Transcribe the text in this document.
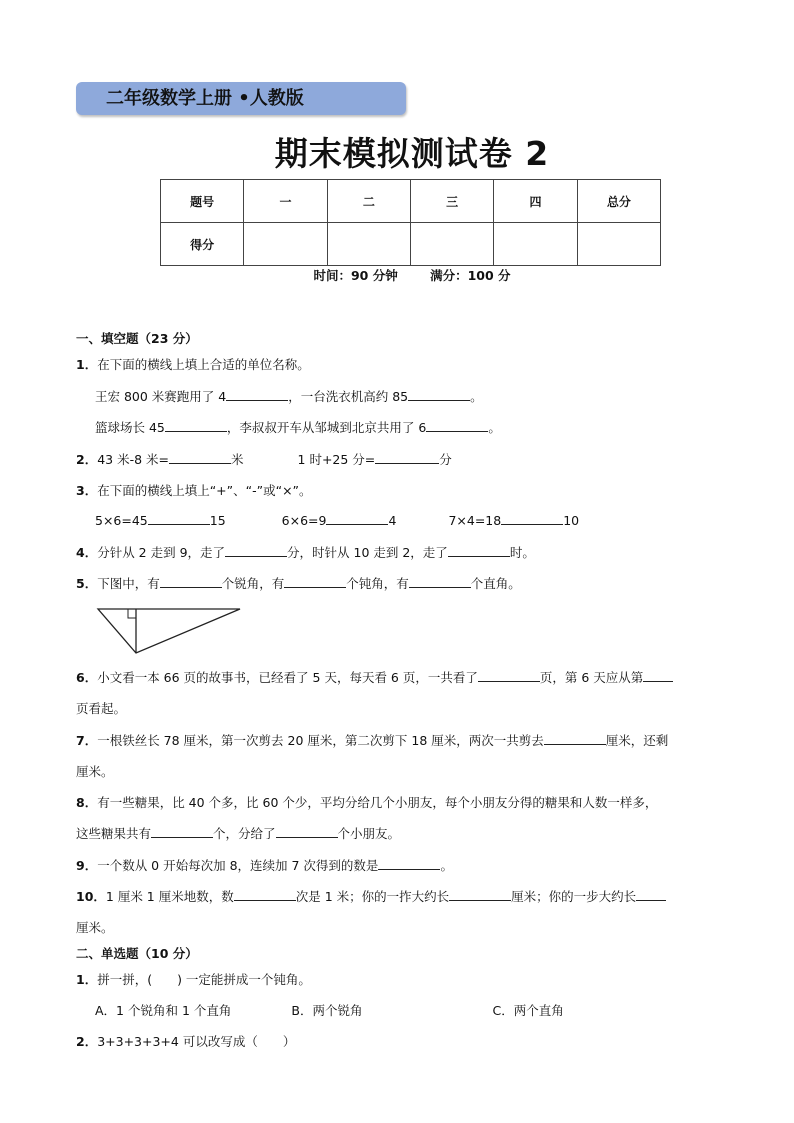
二年级数学上册 •人教版
期末模拟测试卷 2
题号	一	二	三	四	总分
得分					
时间：90 分钟	满分：100 分
一、填空题（23 分）
1．在下面的横线上填上合适的单位名称。
王宏 800 米赛跑用了 4	，一台洗衣机高约 85	。
篮球场长 45	，李叔叔开车从邹城到北京共用了 6	。
2．43 米-8 米=	米	1 时+25 分=	分
3．在下面的横线上填上“+”、“-”或“×”。
5×6=45	15	6×6=9	4	7×4=18	10
4．分针从 2 走到 9，走了	分，时针从 10 走到 2，走了	时。
5．下图中，有	个锐角，有	个钝角，有	个直角。
6．小文看一本 66 页的故事书，已经看了 5 天，每天看 6 页，一共看了	页，第 6 天应从第
页看起。
7．一根铁丝长 78 厘米，第一次剪去 20 厘米，第二次剪下 18 厘米，两次一共剪去	厘米，还剩
厘米。
8．有一些糖果，比 40 个多，比 60 个少，平均分给几个小朋友，每个小朋友分得的糖果和人数一样多，
这些糖果共有	个，分给了	个小朋友。
9．一个数从 0 开始每次加 8，连续加 7 次得到的数是	。
10．1 厘米 1 厘米地数，数	次是 1 米；你的一拃大约长	厘米；你的一步大约长
厘米。
二、单选题（10 分）
1．拼一拼，(　　) 一定能拼成一个钝角。
A．1 个锐角和 1 个直角	B．两个锐角	C．两个直角
2．3+3+3+3+4 可以改写成（　　）
